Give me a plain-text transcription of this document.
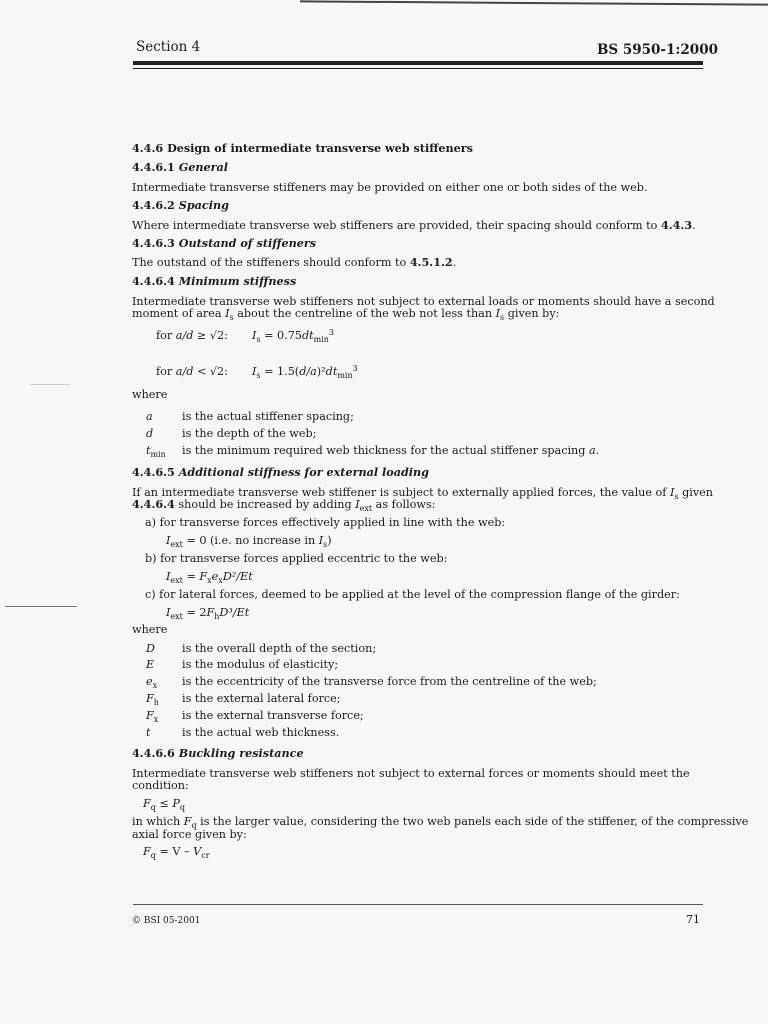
Section 4	BS 5950-1:2000
4.4.6 Design of intermediate transverse web stiffeners
4.4.6.1 General
Intermediate transverse stiffeners may be provided on either one or both sides of the web.
4.4.6.2 Spacing
Where intermediate transverse web stiffeners are provided, their spacing should conform to 4.4.3.
4.4.6.3 Outstand of stiffeners
The outstand of the stiffeners should conform to 4.5.1.2.
4.4.6.4 Minimum stiffness
Intermediate transverse web stiffeners not subject to external loads or moments should have a second
moment of area $I_s$ about the centreline of the web not less than $I_s$ given by:
for a/d ≥ √2: $I_s = 0.75dt_{min}^3$
for a/d < √2: $I_s = 1.5(d/a)^2dt_{min}^3$
where
a	is the actual stiffener spacing;
d	is the depth of the web;
$t_{min}$ is the minimum required web thickness for the actual stiffener spacing a.
4.4.6.5 Additional stiffness for external loading
If an intermediate transverse web stiffener is subject to externally applied forces, the value of $I_s$ given
4.4.6.4 should be increased by adding $I_{ext}$ as follows:
a) for transverse forces effectively applied in line with the web:
$I_{ext} = 0$ (i.e. no increase in $I_s$)
b) for transverse forces applied eccentric to the web:
$I_{ext} = F_xe_xD^2/Et$
c) for lateral forces, deemed to be applied at the level of the compression flange of the girder:
$I_{ext} = 2F_hD^3/Et$
where
D is the overall depth of the section;
E is the modulus of elasticity;
$e_x$ is the eccentricity of the transverse force from the centreline of the web;
$F_h$ is the external lateral force;
$F_x$ is the external transverse force;
t	is the actual web thickness.
4.4.6.6 Buckling resistance
Intermediate transverse web stiffeners not subject to external forces or moments should meet the
condition:
$F_q \le P_q$
in which $F_q$ is the larger value, considering the two web panels each side of the stiffener, of the compressive
axial force given by:
$F_q = V - V_{cr}$
© BSI 05-2001	71
